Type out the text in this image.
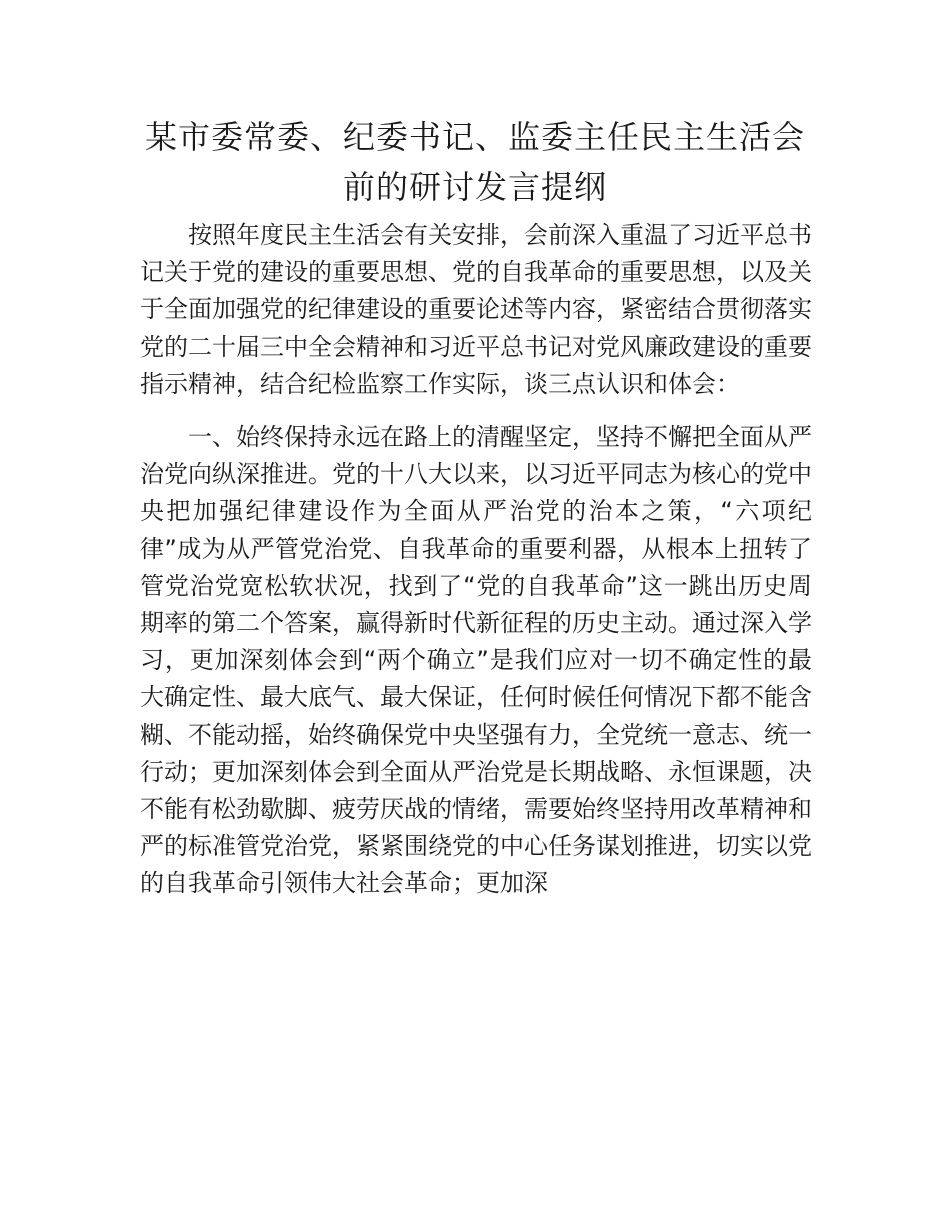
某市委常委、纪委书记、监委主任民主生活会
前的研讨发言提纲

按照年度民主生活会有关安排，会前深入重温了习近平总书记关于党的建设的重要思想、党的自我革命的重要思想，以及关于全面加强党的纪律建设的重要论述等内容，紧密结合贯彻落实党的二十届三中全会精神和习近平总书记对党风廉政建设的重要指示精神，结合纪检监察工作实际，谈三点认识和体会：

一、始终保持永远在路上的清醒坚定，坚持不懈把全面从严治党向纵深推进。党的十八大以来，以习近平同志为核心的党中央把加强纪律建设作为全面从严治党的治本之策，“六项纪律”成为从严管党治党、自我革命的重要利器，从根本上扭转了管党治党宽松软状况，找到了“党的自我革命”这一跳出历史周期率的第二个答案，赢得新时代新征程的历史主动。通过深入学习，更加深刻体会到“两个确立”是我们应对一切不确定性的最大确定性、最大底气、最大保证，任何时候任何情况下都不能含糊、不能动摇，始终确保党中央坚强有力，全党统一意志、统一行动；更加深刻体会到全面从严治党是长期战略、永恒课题，决不能有松劲歇脚、疲劳厌战的情绪，需要始终坚持用改革精神和严的标准管党治党，紧紧围绕党的中心任务谋划推进，切实以党的自我革命引领伟大社会革命；更加深
